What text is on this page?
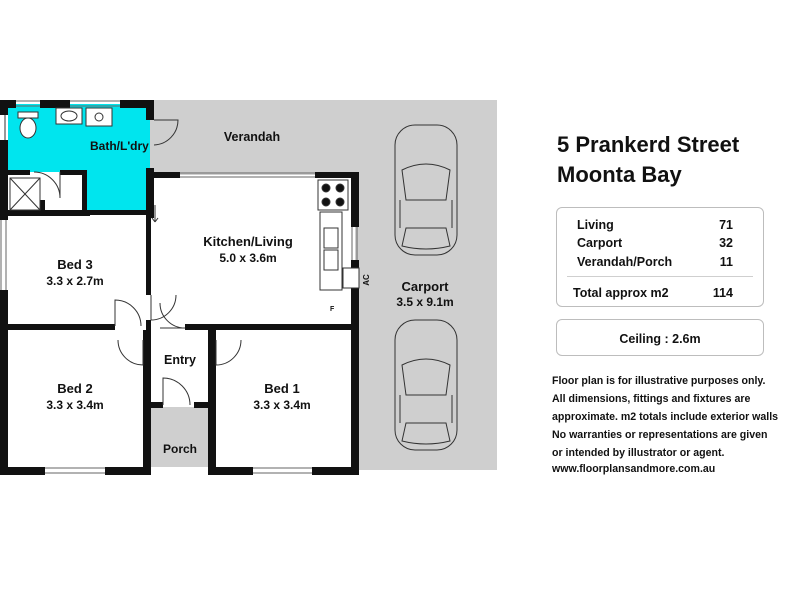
Bath/L'dry
Verandah
Kitchen/Living
5.0 x 3.6m
Bed 3
3.3 x 2.7m	Carport
3.5 x 9.1m
Entry
Bed 2
3.3 x 3.4m
Bed 1
3.3 x 3.4m
Porch
AC
F
5 Prankerd Street
Moonta Bay
Living	71
Carport	32
Verandah/Porch	11
Total approx m2	114
Ceiling : 2.6m
Floor plan is for illustrative purposes only.
All dimensions, fittings and fixtures are
approximate. m2 totals include exterior walls
No warranties or representations are given
or intended by illustrator or agent.
www.floorplansandmore.com.au
